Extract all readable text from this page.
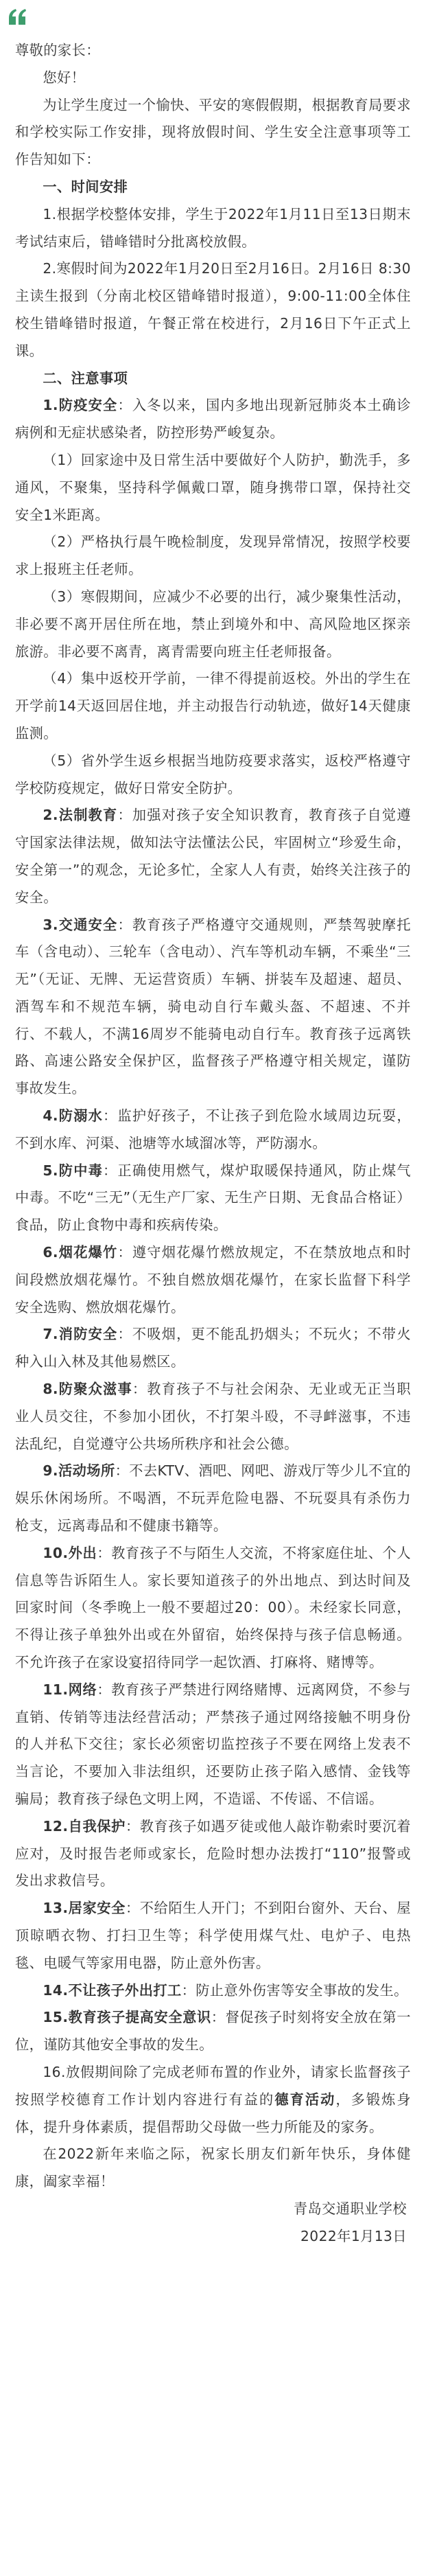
尊敬的家长：

您好！

为让学生度过一个愉快、平安的寒假假期，根据教育局要求和学校实际工作安排，现将放假时间、学生安全注意事项等工作告知如下：

一、时间安排

1.根据学校整体安排，学生于2022年1月11日至13日期末考试结束后，错峰错时分批离校放假。

2.寒假时间为2022年1月20日至2月16日。2月16日 8:30 主读生报到（分南北校区错峰错时报道），9:00-11:00全体住校生错峰错时报道，午餐正常在校进行，2月16日下午正式上课。

二、注意事项

1.防疫安全：入冬以来，国内多地出现新冠肺炎本土确诊病例和无症状感染者，防控形势严峻复杂。

（1）回家途中及日常生活中要做好个人防护，勤洗手，多通风，不聚集，坚持科学佩戴口罩，随身携带口罩，保持社交安全1米距离。

（2）严格执行晨午晚检制度，发现异常情况，按照学校要求上报班主任老师。

（3）寒假期间，应减少不必要的出行，减少聚集性活动，非必要不离开居住所在地，禁止到境外和中、高风险地区探亲旅游。非必要不离青，离青需要向班主任老师报备。

（4）集中返校开学前，一律不得提前返校。外出的学生在开学前14天返回居住地，并主动报告行动轨迹，做好14天健康监测。

（5）省外学生返乡根据当地防疫要求落实，返校严格遵守学校防疫规定，做好日常安全防护。

2.法制教育：加强对孩子安全知识教育，教育孩子自觉遵守国家法律法规，做知法守法懂法公民，牢固树立“珍爱生命，安全第一”的观念，无论多忙，全家人人有责，始终关注孩子的安全。

3.交通安全：教育孩子严格遵守交通规则，严禁驾驶摩托车（含电动）、三轮车（含电动）、汽车等机动车辆，不乘坐“三无”（无证、无牌、无运营资质）车辆、拼装车及超速、超员、酒驾车和不规范车辆，骑电动自行车戴头盔、不超速、不并行、不载人，不满16周岁不能骑电动自行车。教育孩子远离铁路、高速公路安全保护区，监督孩子严格遵守相关规定，谨防事故发生。

4.防溺水：监护好孩子，不让孩子到危险水域周边玩耍，不到水库、河渠、池塘等水域溜冰等，严防溺水。

5.防中毒：正确使用燃气，煤炉取暖保持通风，防止煤气中毒。不吃“三无”（无生产厂家、无生产日期、无食品合格证）食品，防止食物中毒和疾病传染。

6.烟花爆竹：遵守烟花爆竹燃放规定，不在禁放地点和时间段燃放烟花爆竹。不独自燃放烟花爆竹，在家长监督下科学安全选购、燃放烟花爆竹。

7.消防安全：不吸烟，更不能乱扔烟头；不玩火；不带火种入山入林及其他易燃区。

8.防聚众滋事：教育孩子不与社会闲杂、无业或无正当职业人员交往，不参加小团伙，不打架斗殴，不寻衅滋事，不违法乱纪，自觉遵守公共场所秩序和社会公德。

9.活动场所：不去KTV、酒吧、网吧、游戏厅等少儿不宜的娱乐休闲场所。不喝酒，不玩弄危险电器、不玩耍具有杀伤力枪支，远离毒品和不健康书籍等。

10.外出：教育孩子不与陌生人交流，不将家庭住址、个人信息等告诉陌生人。家长要知道孩子的外出地点、到达时间及回家时间（冬季晚上一般不要超过20：00）。未经家长同意，不得让孩子单独外出或在外留宿，始终保持与孩子信息畅通。不允许孩子在家设宴招待同学一起饮酒、打麻将、赌博等。

11.网络：教育孩子严禁进行网络赌博、远离网贷，不参与直销、传销等违法经营活动；严禁孩子通过网络接触不明身份的人并私下交往；家长必须密切监控孩子不要在网络上发表不当言论，不要加入非法组织，还要防止孩子陷入感情、金钱等骗局；教育孩子绿色文明上网，不造谣、不传谣、不信谣。

12.自我保护：教育孩子如遇歹徒或他人敲诈勒索时要沉着应对，及时报告老师或家长，危险时想办法拨打“110”报警或发出求救信号。

13.居家安全：不给陌生人开门；不到阳台窗外、天台、屋顶晾晒衣物、打扫卫生等；科学使用煤气灶、电炉子、电热毯、电暖气等家用电器，防止意外伤害。

14.不让孩子外出打工：防止意外伤害等安全事故的发生。

15.教育孩子提高安全意识：督促孩子时刻将安全放在第一位，谨防其他安全事故的发生。

16.放假期间除了完成老师布置的作业外，请家长监督孩子按照学校德育工作计划内容进行有益的德育活动，多锻炼身体，提升身体素质，提倡帮助父母做一些力所能及的家务。

在2022新年来临之际，祝家长朋友们新年快乐，身体健康，阖家幸福！

青岛交通职业学校

2022年1月13日
